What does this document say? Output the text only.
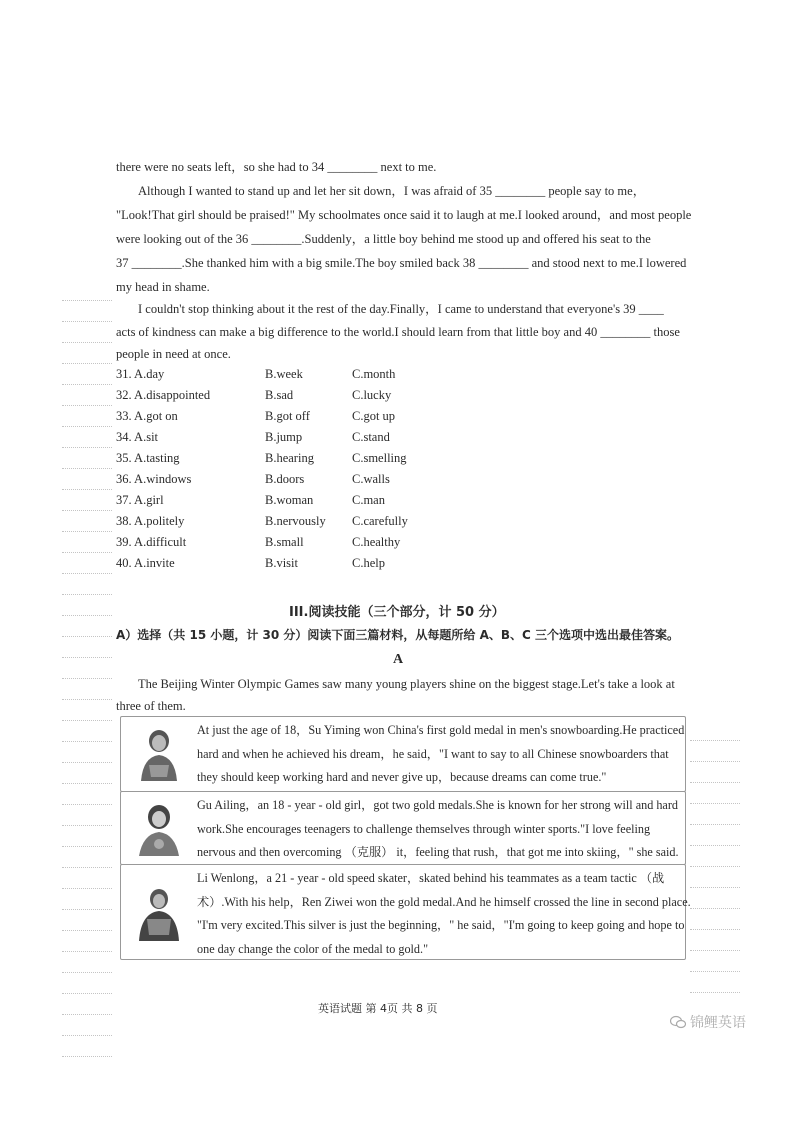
there were no seats left，so she had to 34 ________ next to me.
Although I wanted to stand up and let her sit down，I was afraid of 35 ________ people say to me，
"Look!That girl should be praised!" My schoolmates once said it to laugh at me.I looked around，and most people
were looking out of the 36 ________.Suddenly，a little boy behind me stood up and offered his seat to the
37 ________.She thanked him with a big smile.The boy smiled back 38 ________ and stood next to me.I lowered
my head in shame.
I couldn't stop thinking about it the rest of the day.Finally，I came to understand that everyone's 39 ____
acts of kindness can make a big difference to the world.I should learn from that little boy and 40 ________ those
people in need at once.
31. A.day	B.week	C.month
32. A.disappointed	B.sad	C.lucky
33. A.got on	B.got off	C.got up
34. A.sit	B.jump	C.stand
35. A.tasting	B.hearing	C.smelling
36. A.windows	B.doors	C.walls
37. A.girl	B.woman	C.man
38. A.politely	B.nervously C.carefully
39. A.difficult	B.small	C.healthy
40. A.invite	B.visit	C.help
III.阅读技能（三个部分，计 50 分）
A）选择（共 15 小题，计 30 分）阅读下面三篇材料，从每题所给 A、B、C 三个选项中选出最佳答案。
A
The Beijing Winter Olympic Games saw many young players shine on the biggest stage.Let's take a look at
three of them.
At just the age of 18，Su Yiming won China's first gold medal in men's snowboarding.He practiced
hard and when he achieved his dream，he said，"I want to say to all Chinese snowboarders that
they should keep working hard and never give up，because dreams can come true."
Gu Ailing，an 18 - year - old girl，got two gold medals.She is known for her strong will and hard
work.She encourages teenagers to challenge themselves through winter sports."I love feeling
nervous and then overcoming （克服） it，feeling that rush，that got me into skiing，" she said.
Li Wenlong，a 21 - year - old speed skater，skated behind his teammates as a team tactic （战
术）.With his help，Ren Ziwei won the gold medal.And he himself crossed the line in second place.
"I'm very excited.This silver is just the beginning，" he said，"I'm going to keep going and hope to
one day change the color of the medal to gold."
英语试题 第 4页 共 8 页
锦鲤英语
